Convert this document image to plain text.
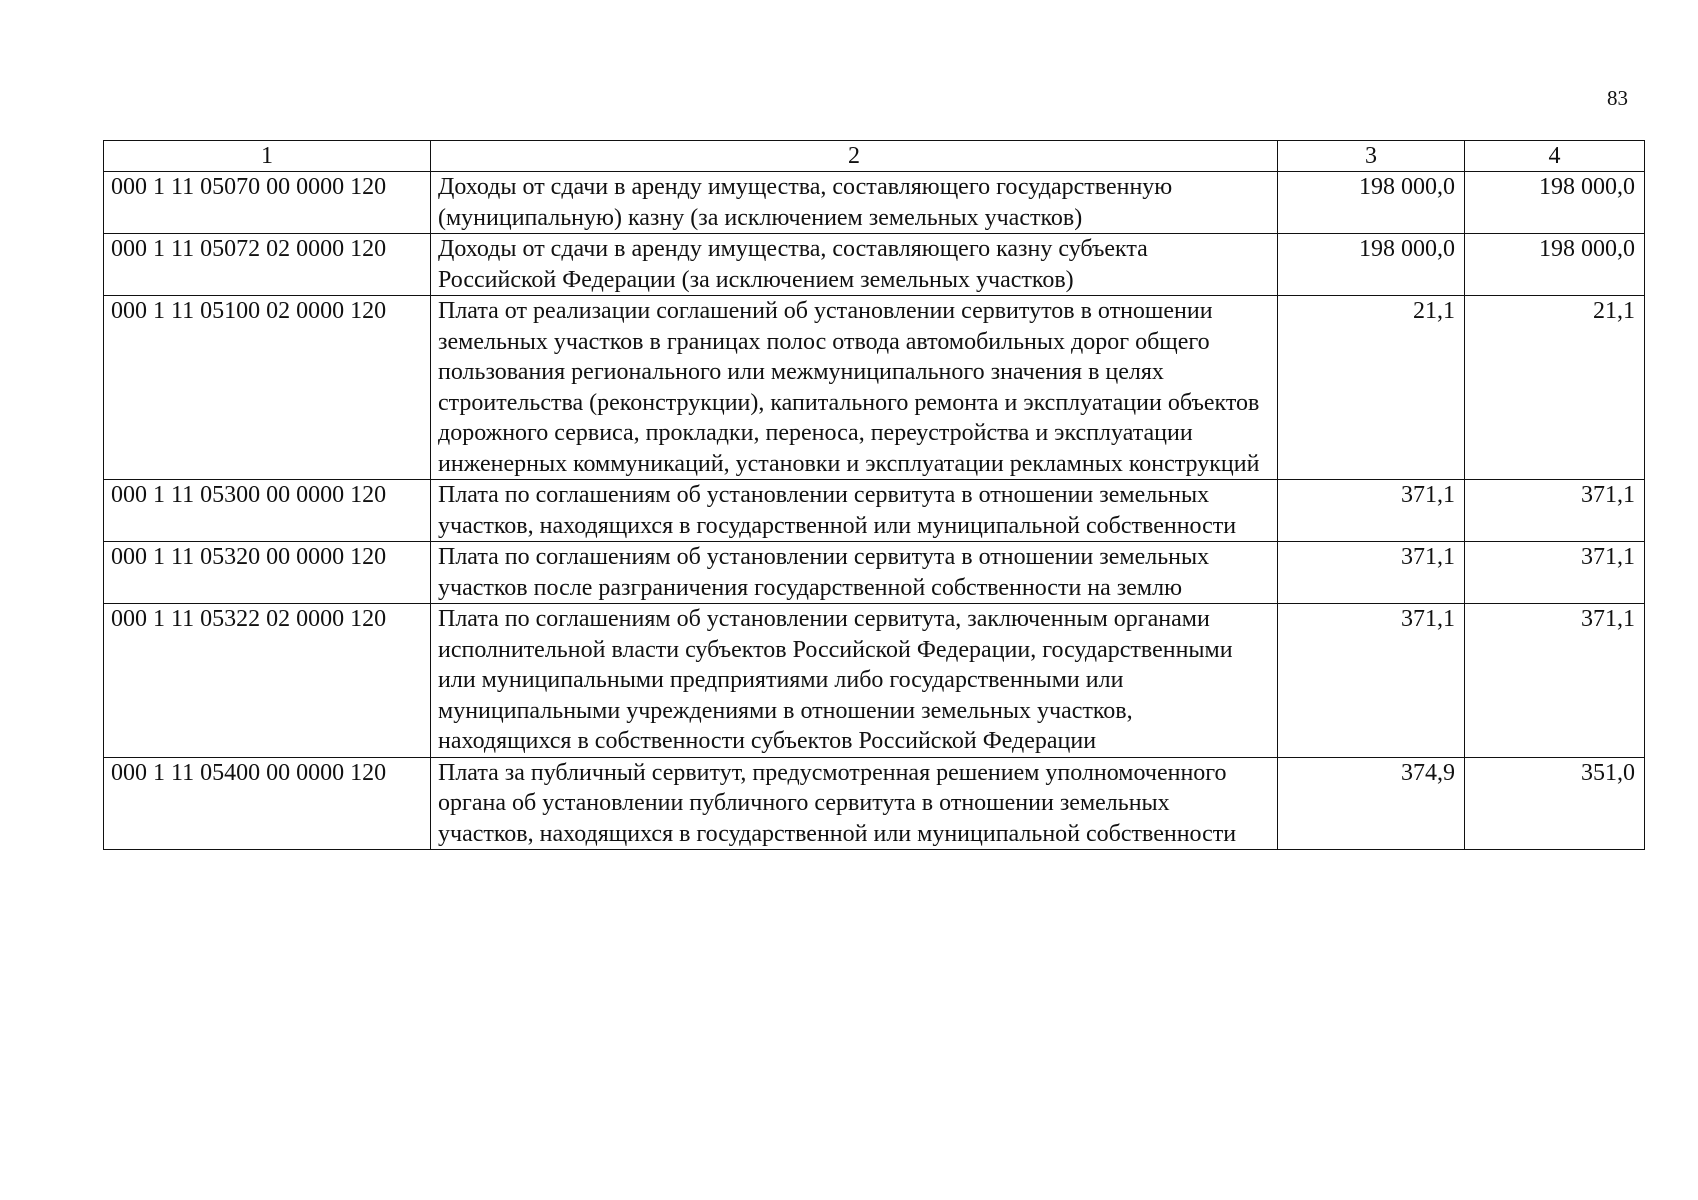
83
1	2	3	4
000 1 11 05070 00 0000 120	Доходы от сдачи в аренду имущества, составляющего государственную (муниципальную) казну (за исключением земельных участков)	198 000,0	198 000,0
000 1 11 05072 02 0000 120	Доходы от сдачи в аренду имущества, составляющего казну субъекта Российской Федерации (за исключением земельных участков)	198 000,0	198 000,0
000 1 11 05100 02 0000 120	Плата от реализации соглашений об установлении сервитутов в отношении земельных участков в границах полос отвода автомобильных дорог общего пользования регионального или межмуниципального значения в целях строительства (реконструкции), капитального ремонта и эксплуатации объектов дорожного сервиса, прокладки, переноса, переустройства и эксплуатации инженерных коммуникаций, установки и эксплуатации рекламных конструкций	21,1	21,1
000 1 11 05300 00 0000 120	Плата по соглашениям об установлении сервитута в отношении земельных участков, находящихся в государственной или муниципальной собственности	371,1	371,1
000 1 11 05320 00 0000 120	Плата по соглашениям об установлении сервитута в отношении земельных участков после разграничения государственной собственности на землю	371,1	371,1
000 1 11 05322 02 0000 120	Плата по соглашениям об установлении сервитута, заключенным органами исполнительной власти субъектов Российской Федерации, государственными или муниципальными предприятиями либо государственными или муниципальными учреждениями в отношении земельных участков, находящихся в собственности субъектов Российской Федерации	371,1	371,1
000 1 11 05400 00 0000 120	Плата за публичный сервитут, предусмотренная решением уполномоченного органа об установлении публичного сервитута в отношении земельных участков, находящихся в государственной или муниципальной собственности	374,9	351,0
